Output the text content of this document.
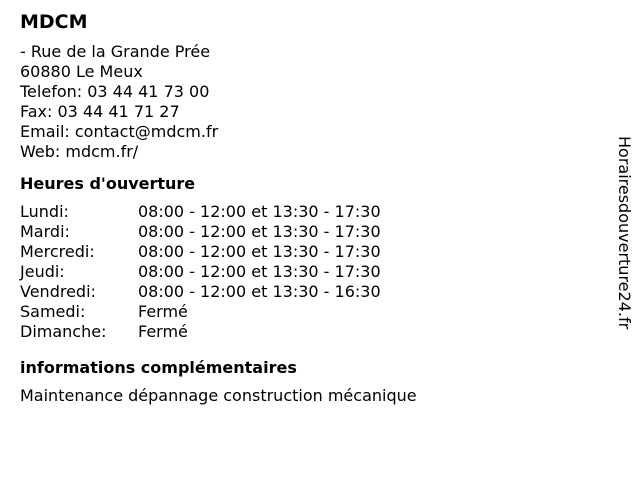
MDCM
- Rue de la Grande Prée
60880 Le Meux
Telefon: 03 44 41 73 00
Fax: 03 44 41 71 27
Email: contact@mdcm.fr
Web: mdcm.fr/
Heures d'ouverture
Lundi:	08:00 - 12:00 et 13:30 - 17:30
Mardi:	08:00 - 12:00 et 13:30 - 17:30
Mercredi:	08:00 - 12:00 et 13:30 - 17:30
Jeudi:	08:00 - 12:00 et 13:30 - 17:30
Vendredi:	08:00 - 12:00 et 13:30 - 16:30
Samedi:	Fermé
Dimanche:	Fermé
informations complémentaires
Maintenance dépannage construction mécanique
Horairesdouverture24.fr
